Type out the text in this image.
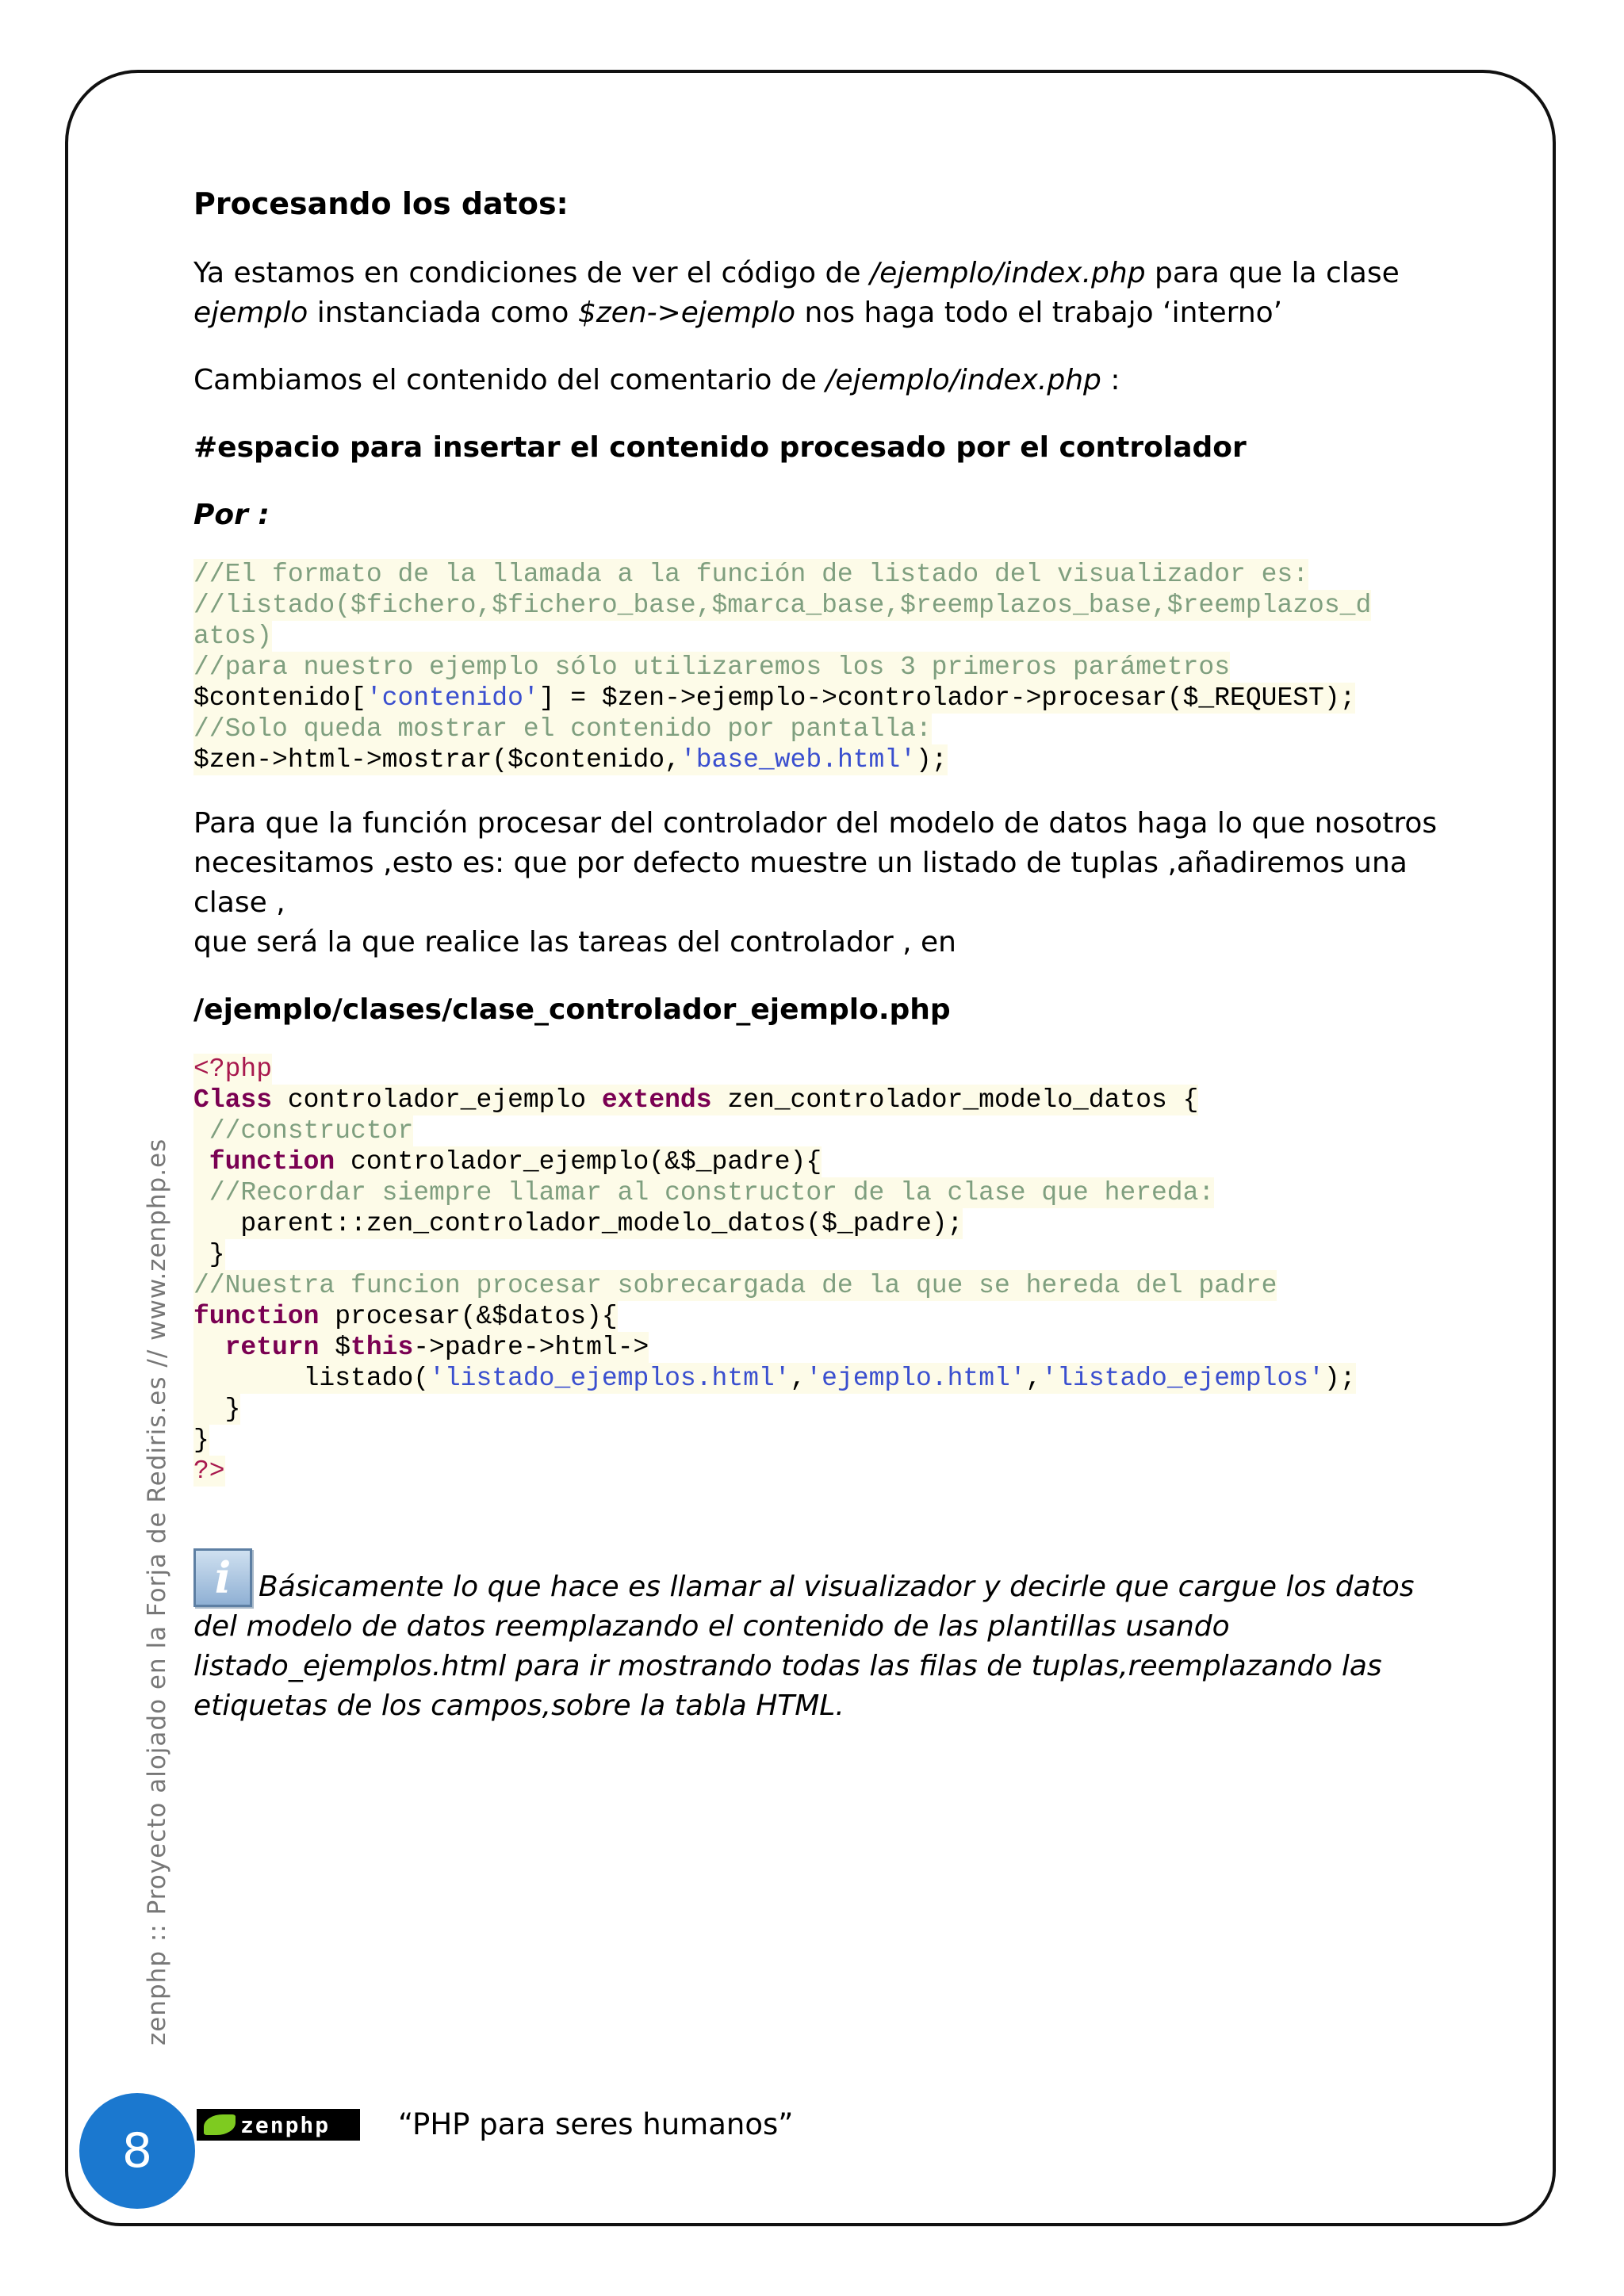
Procesando los datos:

Ya estamos en condiciones de ver el código de /ejemplo/index.php para que la clase
ejemplo instanciada como $zen->ejemplo nos haga todo el trabajo ‘interno’

Cambiamos el contenido del comentario de /ejemplo/index.php :

#espacio para insertar el contenido procesado por el controlador

Por :

//El formato de la llamada a la función de listado del visualizador es:
//listado($fichero,$fichero_base,$marca_base,$reemplazos_base,$reemplazos_d
atos)
//para nuestro ejemplo sólo utilizaremos los 3 primeros parámetros
$contenido['contenido'] = $zen->ejemplo->controlador->procesar($_REQUEST);
//Solo queda mostrar el contenido por pantalla:
$zen->html->mostrar($contenido,'base_web.html');

Para que la función procesar del controlador del modelo de datos haga lo que nosotros
necesitamos ,esto es: que por defecto muestre un listado de tuplas ,añadiremos una clase ,
que será la que realice las tareas del controlador , en

/ejemplo/clases/clase_controlador_ejemplo.php

<?php
Class controlador_ejemplo extends zen_controlador_modelo_datos {
//constructor
function controlador_ejemplo(&$_padre){
//Recordar siempre llamar al constructor de la clase que hereda:
parent::zen_controlador_modelo_datos($_padre);
}
//Nuestra funcion procesar sobrecargada de la que se hereda del padre
function procesar(&$datos){
return $this->padre->html->
listado('listado_ejemplos.html','ejemplo.html','listado_ejemplos');
}
}
?>

i Básicamente lo que hace es llamar al visualizador y decirle que cargue los datos del modelo de datos reemplazando el contenido de las plantillas usando listado_ejemplos.html para ir mostrando todas las filas de tuplas,reemplazando las etiquetas de los campos,sobre la tabla HTML.

zenphp :: Proyecto alojado en la Forja de Rediris.es // www.zenphp.es
8	zenphp “PHP para seres humanos”
